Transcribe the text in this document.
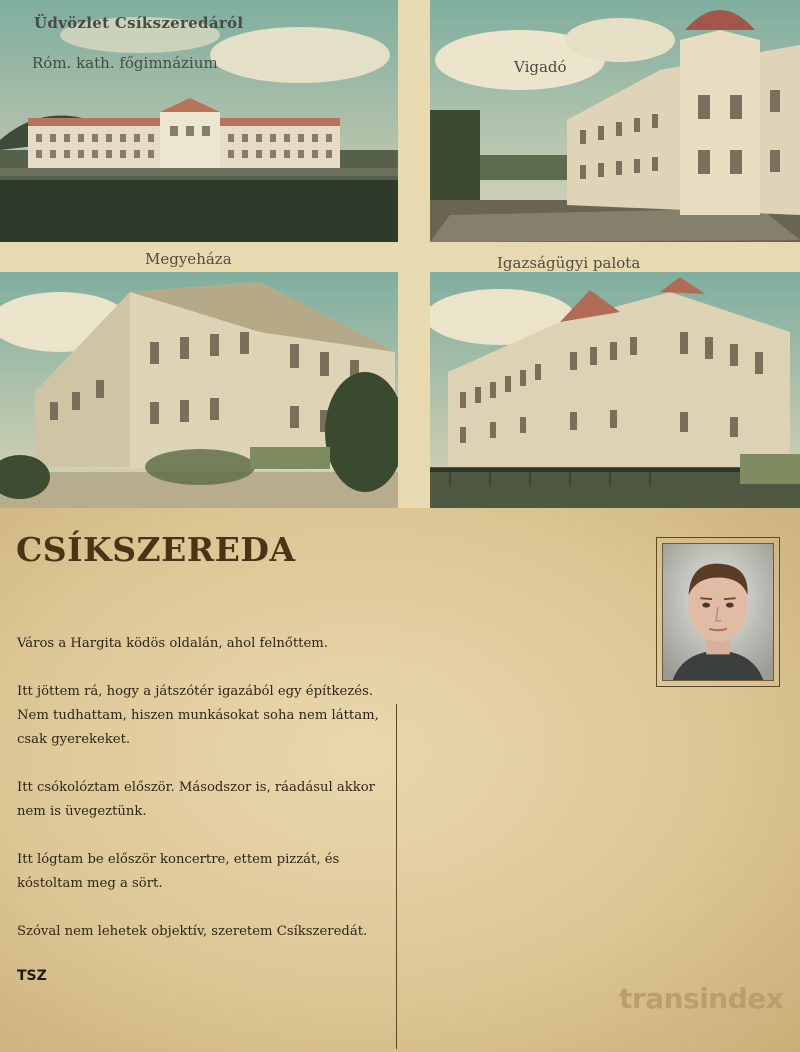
Üdvözlet Csíkszeredáról
Róm. kath. főgimnázium	Vigadó
Megyeháza	Igazságügyi palota
CSÍKSZEREDA

Város a Hargita ködös oldalán, ahol felnőttem.

Itt jöttem rá, hogy a játszótér igazából egy építkezés. Nem tudhattam, hiszen munkásokat soha nem láttam, csak gyerekeket.

Itt csókolóztam először. Másodszor is, ráadásul akkor nem is üvegeztünk.

Itt lógtam be először koncertre, ettem pizzát, és kóstoltam meg a sört.

Szóval nem lehetek objektív, szeretem Csíkszeredát.

TSZ
transindex
